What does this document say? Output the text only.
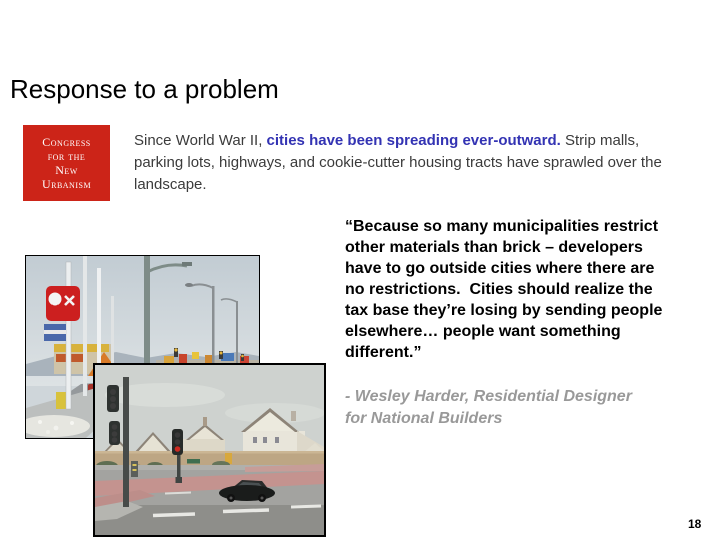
Response to a problem
Congress
for the
New
Urbanism
Since World War II, cities have been spreading ever-outward. Strip malls, parking lots, highways, and cookie-cutter housing tracts have sprawled over the landscape.
“Because so many municipalities restrict
other materials than brick – developers
have to go outside cities where there are
no restrictions.  Cities should realize the
tax base they’re losing by sending people
elsewhere… people want something
different.”
- Wesley Harder, Residential Designer
for National Builders
18
